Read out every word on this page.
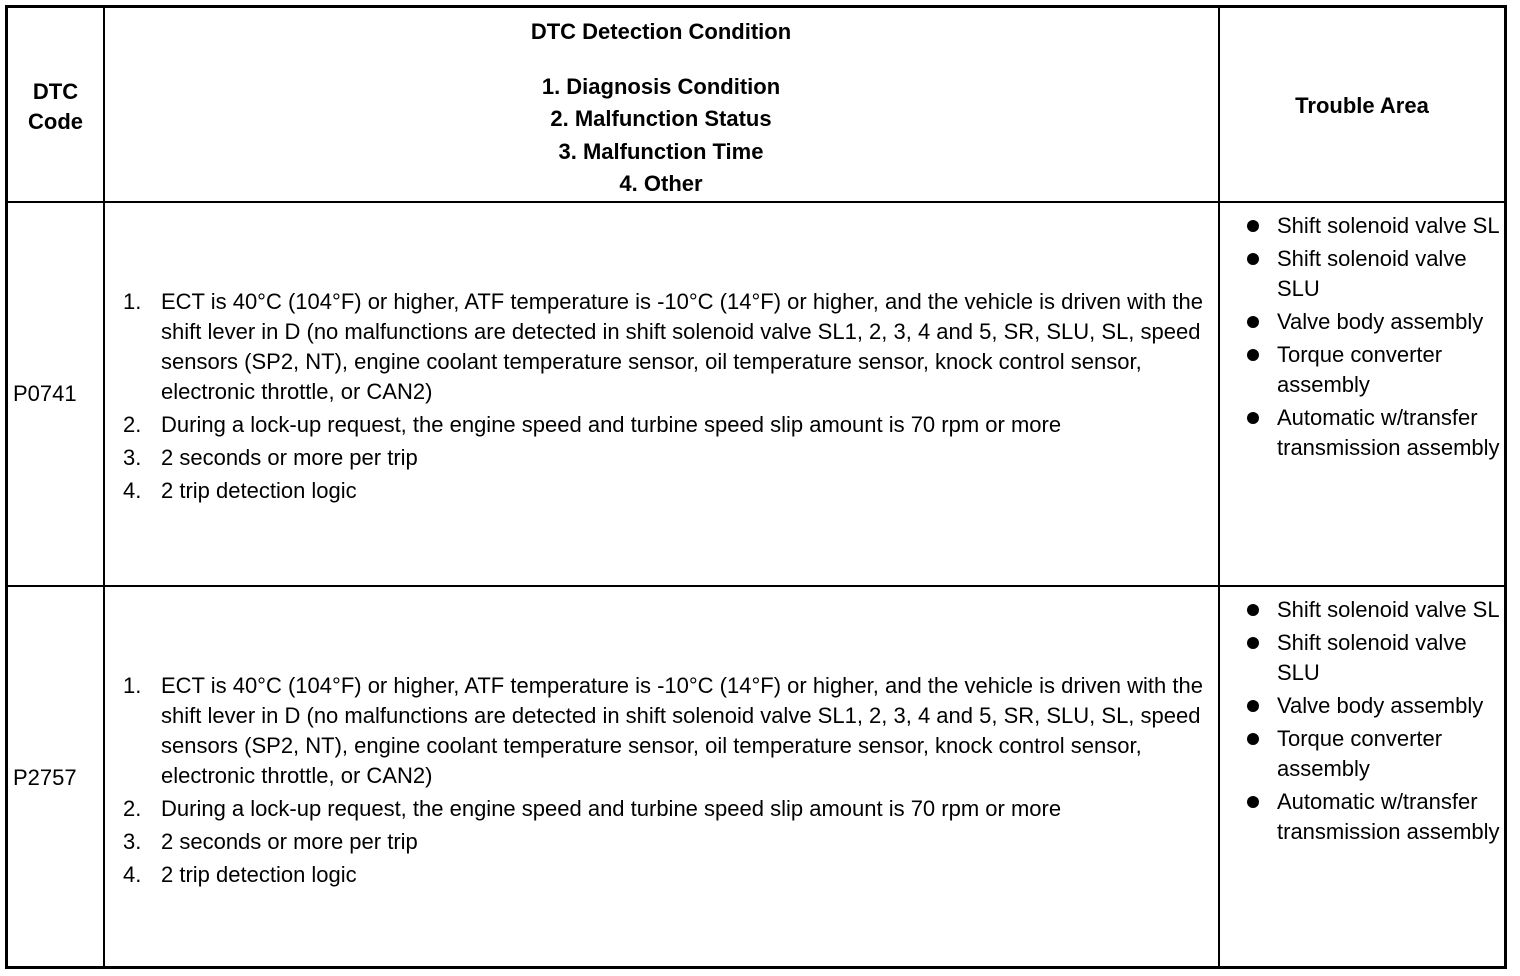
DTC
Code
DTC Detection Condition
1. Diagnosis Condition
2. Malfunction Status
3. Malfunction Time
4. Other
Trouble Area
P0741
1. ECT is 40°C (104°F) or higher, ATF temperature is -10°C (14°F) or higher, and the vehicle is driven with the shift lever in D (no malfunctions are detected in shift solenoid valve SL1, 2, 3, 4 and 5, SR, SLU, SL, speed sensors (SP2, NT), engine coolant temperature sensor, oil temperature sensor, knock control sensor, electronic throttle, or CAN2)
2. During a lock-up request, the engine speed and turbine speed slip amount is 70 rpm or more
3. 2 seconds or more per trip
4. 2 trip detection logic
Shift solenoid valve SL
Shift solenoid valve SLU
Valve body assembly
Torque converter assembly
Automatic w/transfer transmission assembly
P2757
1. ECT is 40°C (104°F) or higher, ATF temperature is -10°C (14°F) or higher, and the vehicle is driven with the shift lever in D (no malfunctions are detected in shift solenoid valve SL1, 2, 3, 4 and 5, SR, SLU, SL, speed sensors (SP2, NT), engine coolant temperature sensor, oil temperature sensor, knock control sensor, electronic throttle, or CAN2)
2. During a lock-up request, the engine speed and turbine speed slip amount is 70 rpm or more
3. 2 seconds or more per trip
4. 2 trip detection logic
Shift solenoid valve SL
Shift solenoid valve SLU
Valve body assembly
Torque converter assembly
Automatic w/transfer transmission assembly
